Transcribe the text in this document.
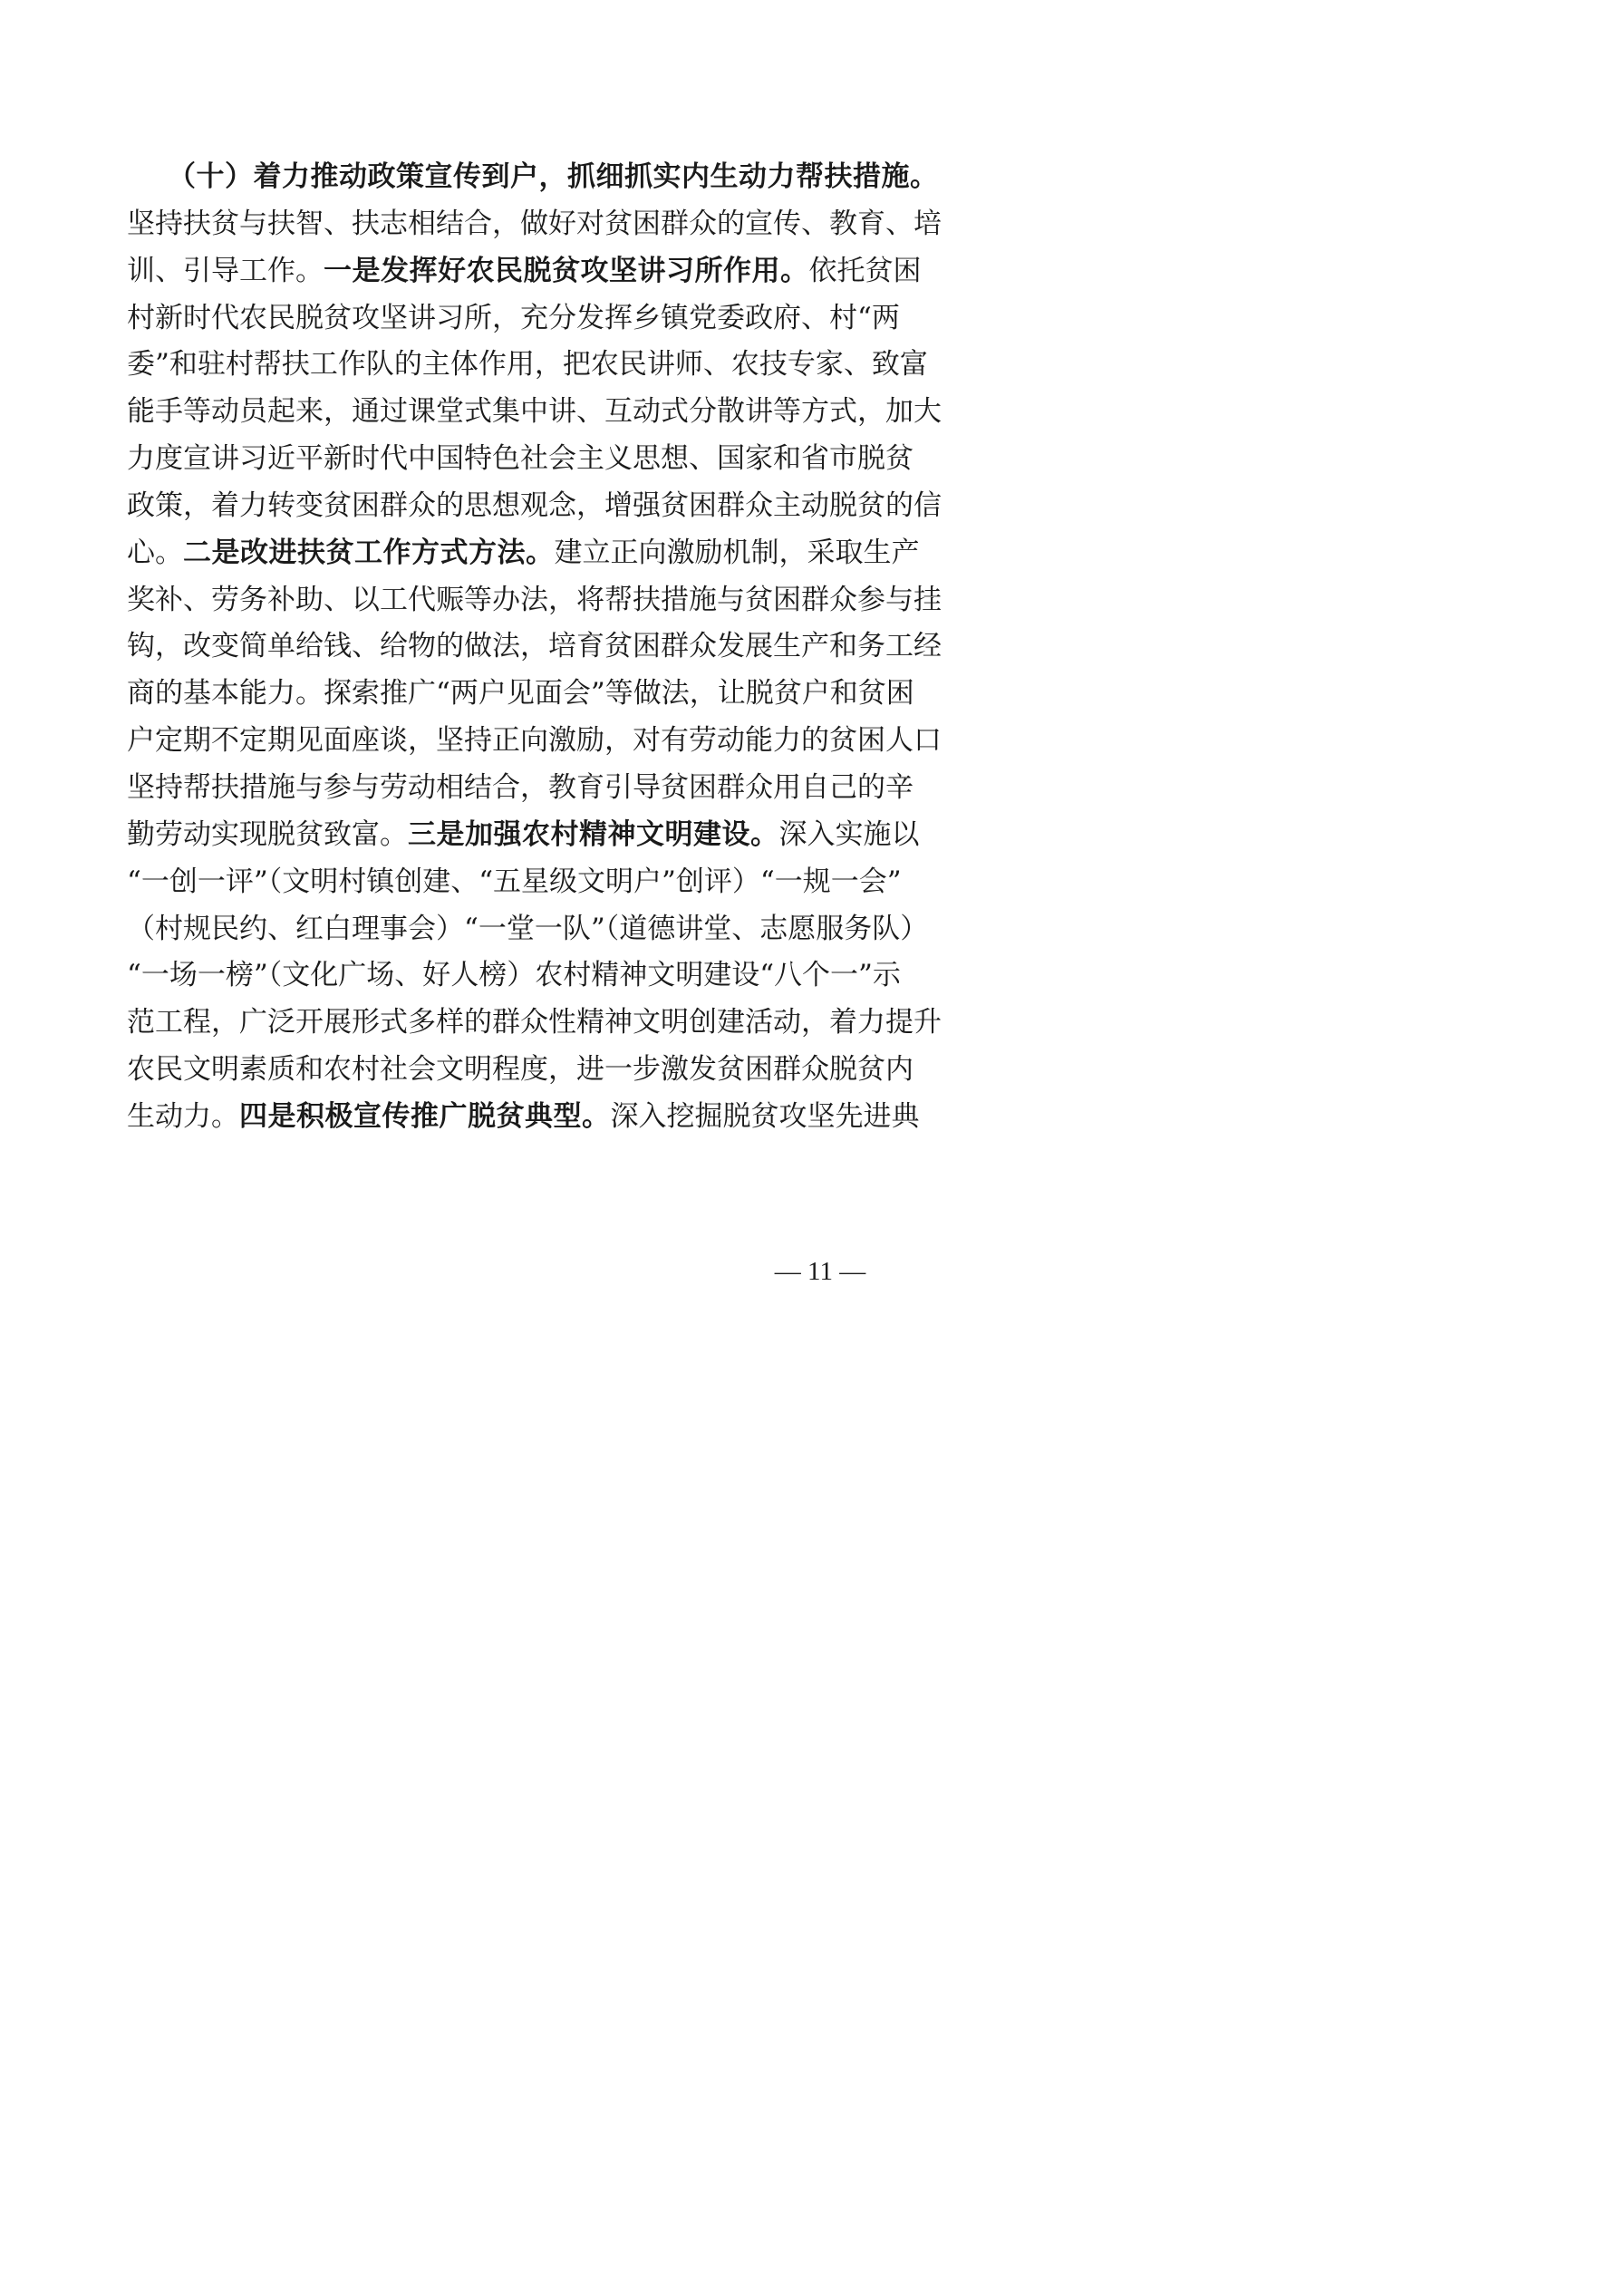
（十）着力推动政策宣传到户，抓细抓实内生动力帮扶措施。
坚持扶贫与扶智、扶志相结合，做好对贫困群众的宣传、教育、培
训、引导工作。一是发挥好农民脱贫攻坚讲习所作用。依托贫困
村新时代农民脱贫攻坚讲习所，充分发挥乡镇党委政府、村“两
委”和驻村帮扶工作队的主体作用，把农民讲师、农技专家、致富
能手等动员起来，通过课堂式集中讲、互动式分散讲等方式，加大
力度宣讲习近平新时代中国特色社会主义思想、国家和省市脱贫
政策，着力转变贫困群众的思想观念，增强贫困群众主动脱贫的信
心。二是改进扶贫工作方式方法。建立正向激励机制，采取生产
奖补、劳务补助、以工代赈等办法，将帮扶措施与贫困群众参与挂
钩，改变简单给钱、给物的做法，培育贫困群众发展生产和务工经
商的基本能力。探索推广“两户见面会”等做法，让脱贫户和贫困
户定期不定期见面座谈，坚持正向激励，对有劳动能力的贫困人口
坚持帮扶措施与参与劳动相结合，教育引导贫困群众用自己的辛
勤劳动实现脱贫致富。三是加强农村精神文明建设。深入实施以
“一创一评”（文明村镇创建、“五星级文明户”创评）“一规一会”
（村规民约、红白理事会）“一堂一队”（道德讲堂、志愿服务队）
“一场一榜”（文化广场、好人榜）农村精神文明建设“八个一”示
范工程，广泛开展形式多样的群众性精神文明创建活动，着力提升
农民文明素质和农村社会文明程度，进一步激发贫困群众脱贫内
生动力。四是积极宣传推广脱贫典型。深入挖掘脱贫攻坚先进典
— 11 —
